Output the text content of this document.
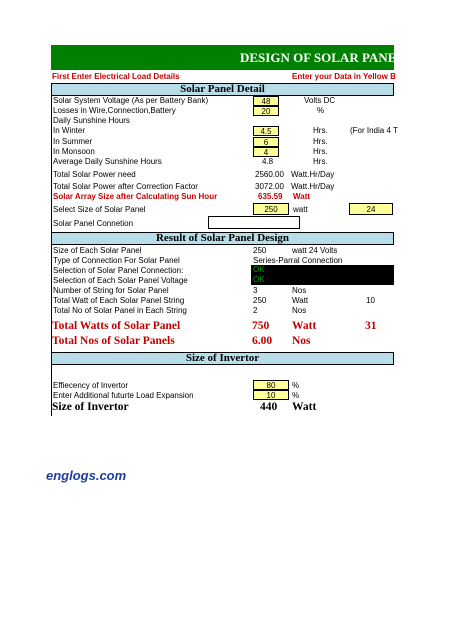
DESIGN OF SOLAR PANE
First Enter Electrical Load Details	Enter your Data in Yellow B
Solar Panel Detail
Solar System Voltage (As per Battery Bank)	48	Volts DC
Losses in Wire,Connection,Battery	20	%
Daily Sunshine Hours
In Winter	4.5	Hrs.	(For India 4 T
In Summer	6	Hrs.
In Monsoon	4	Hrs.
Average Daily Sunshine Hours	4.8	Hrs.
Total Solar Power need	2560.00 Watt.Hr/Day
Total Solar Power after Correction Factor	3072.00 Watt.Hr/Day
Solar Array Size after Calculating Sun Hour	635.59 Watt
Select Size of Solar Panel	250	watt	24
Solar Panel Connetion
Result of Solar Panel Design
Size of Each Solar Panel	250	watt 24 Volts
Type of Connection For Solar Panel	Series-Parral Connection
Selection of Solar Panel Connection:	OK
Selection of Each Solar Panel Voltage	OK
Number of String for Solar Panel	3	Nos
Total Watt of Each Solar Panel String	250	Watt	10
Total No of Solar Panel in Each String	2	Nos
Total Watts of Solar Panel	750 Watt	31
Total Nos of Solar Panels	6.00 Nos
Size of Invertor
Effiecency of Invertor	80	%
Enter Additional futurte Load Expansion	10	%
Size of Invertor	440 Watt
englogs.com
